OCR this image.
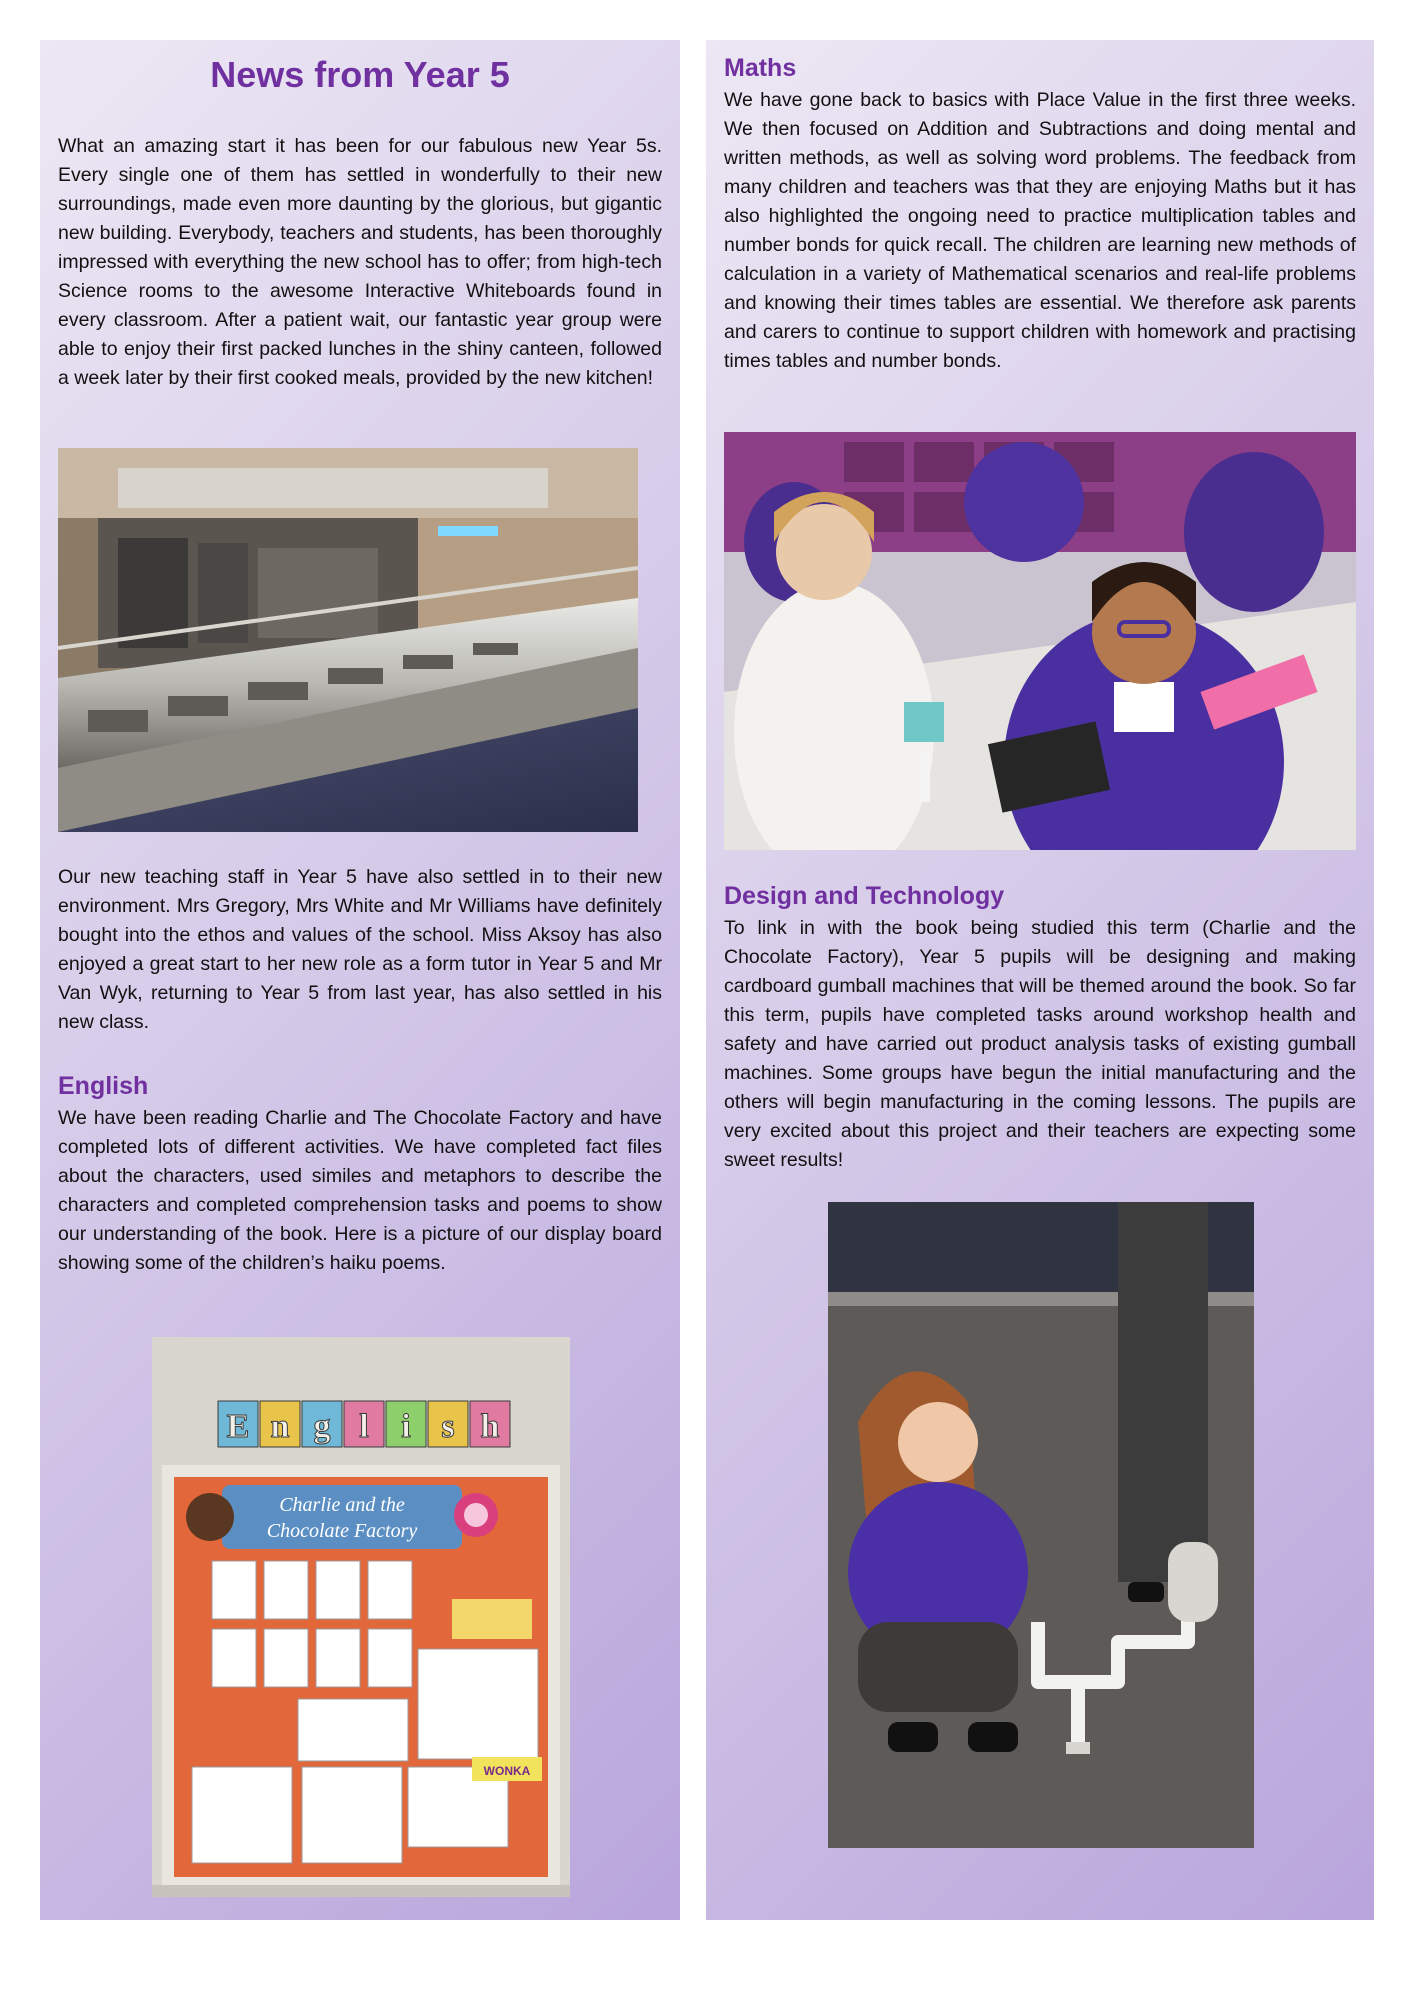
News from Year 5

What an amazing start it has been for our fabulous new Year 5s. Every single one of them has settled in wonderfully to their new surroundings, made even more daunting by the glorious, but gigantic new building. Everybody, teachers and students, has been thoroughly impressed with everything the new school has to offer; from high-tech Science rooms to the awesome Interactive Whiteboards found in every classroom. After a patient wait, our fantastic year group were able to enjoy their first packed lunches in the shiny canteen, followed a week later by their first cooked meals, provided by the new kitchen!

Our new teaching staff in Year 5 have also settled in to their new environment. Mrs Gregory, Mrs White and Mr Williams have definitely bought into the ethos and values of the school. Miss Aksoy has also enjoyed a great start to her new role as a form tutor in Year 5 and Mr Van Wyk, returning to Year 5 from last year, has also settled in his new class.

English

We have been reading Charlie and The Chocolate Factory and have completed lots of different activities. We have completed fact files about the characters, used similes and metaphors to describe the characters and completed comprehension tasks and poems to show our understanding of the book. Here is a picture of our display board showing some of the children’s haiku poems.

E n g l i s h
Charlie and the
Chocolate Factory
WONKA
Maths

We have gone back to basics with Place Value in the first three weeks. We then focused on Addition and Subtractions and doing mental and written methods, as well as solving word problems. The feedback from many children and teachers was that they are enjoying Maths but it has also highlighted the ongoing need to practice multiplication tables and number bonds for quick recall. The children are learning new methods of calculation in a variety of Mathematical scenarios and real-life problems and knowing their times tables are essential. We therefore ask parents and carers to continue to support children with homework and practising times tables and number bonds.

Design and Technology

To link in with the book being studied this term (Charlie and the Chocolate Factory), Year 5 pupils will be designing and making cardboard gumball machines that will be themed around the book. So far this term, pupils have completed tasks around workshop health and safety and have carried out product analysis tasks of existing gumball machines. Some groups have begun the initial manufacturing and the others will begin manufacturing in the coming lessons. The pupils are very excited about this project and their teachers are expecting some sweet results!
